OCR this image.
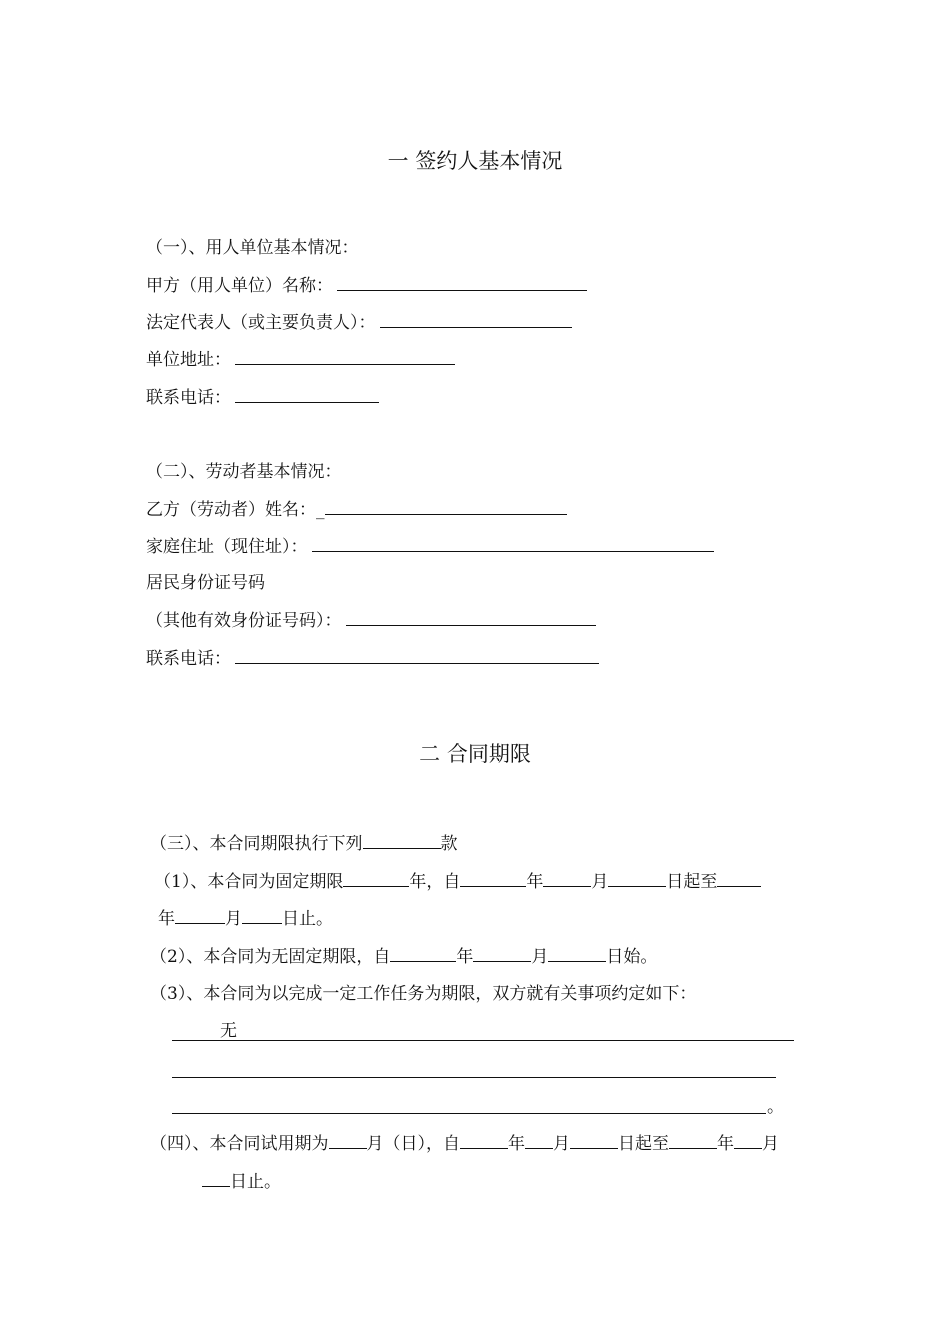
一 签约人基本情况
（一）、用人单位基本情况：
甲方（用人单位）名称：
法定代表人（或主要负责人）：
单位地址：
联系电话：
（二）、劳动者基本情况：
乙方（劳动者）姓名：_
家庭住址（现住址）：
居民身份证号码
（其他有效身份证号码）：
联系电话：
二 合同期限
（三）、本合同期限执行下列	款
（1）、本合同为固定期限	年，自	年	月	日起至
年	月 日止。
（2）、本合同为无固定期限，自	年	月	日始。
（3）、本合同为以完成一定工作任务为期限，双方就有关事项约定如下：
无
。
（四）、本合同试用期为 月（日），自	年 月	日起至	年 月
日止。
